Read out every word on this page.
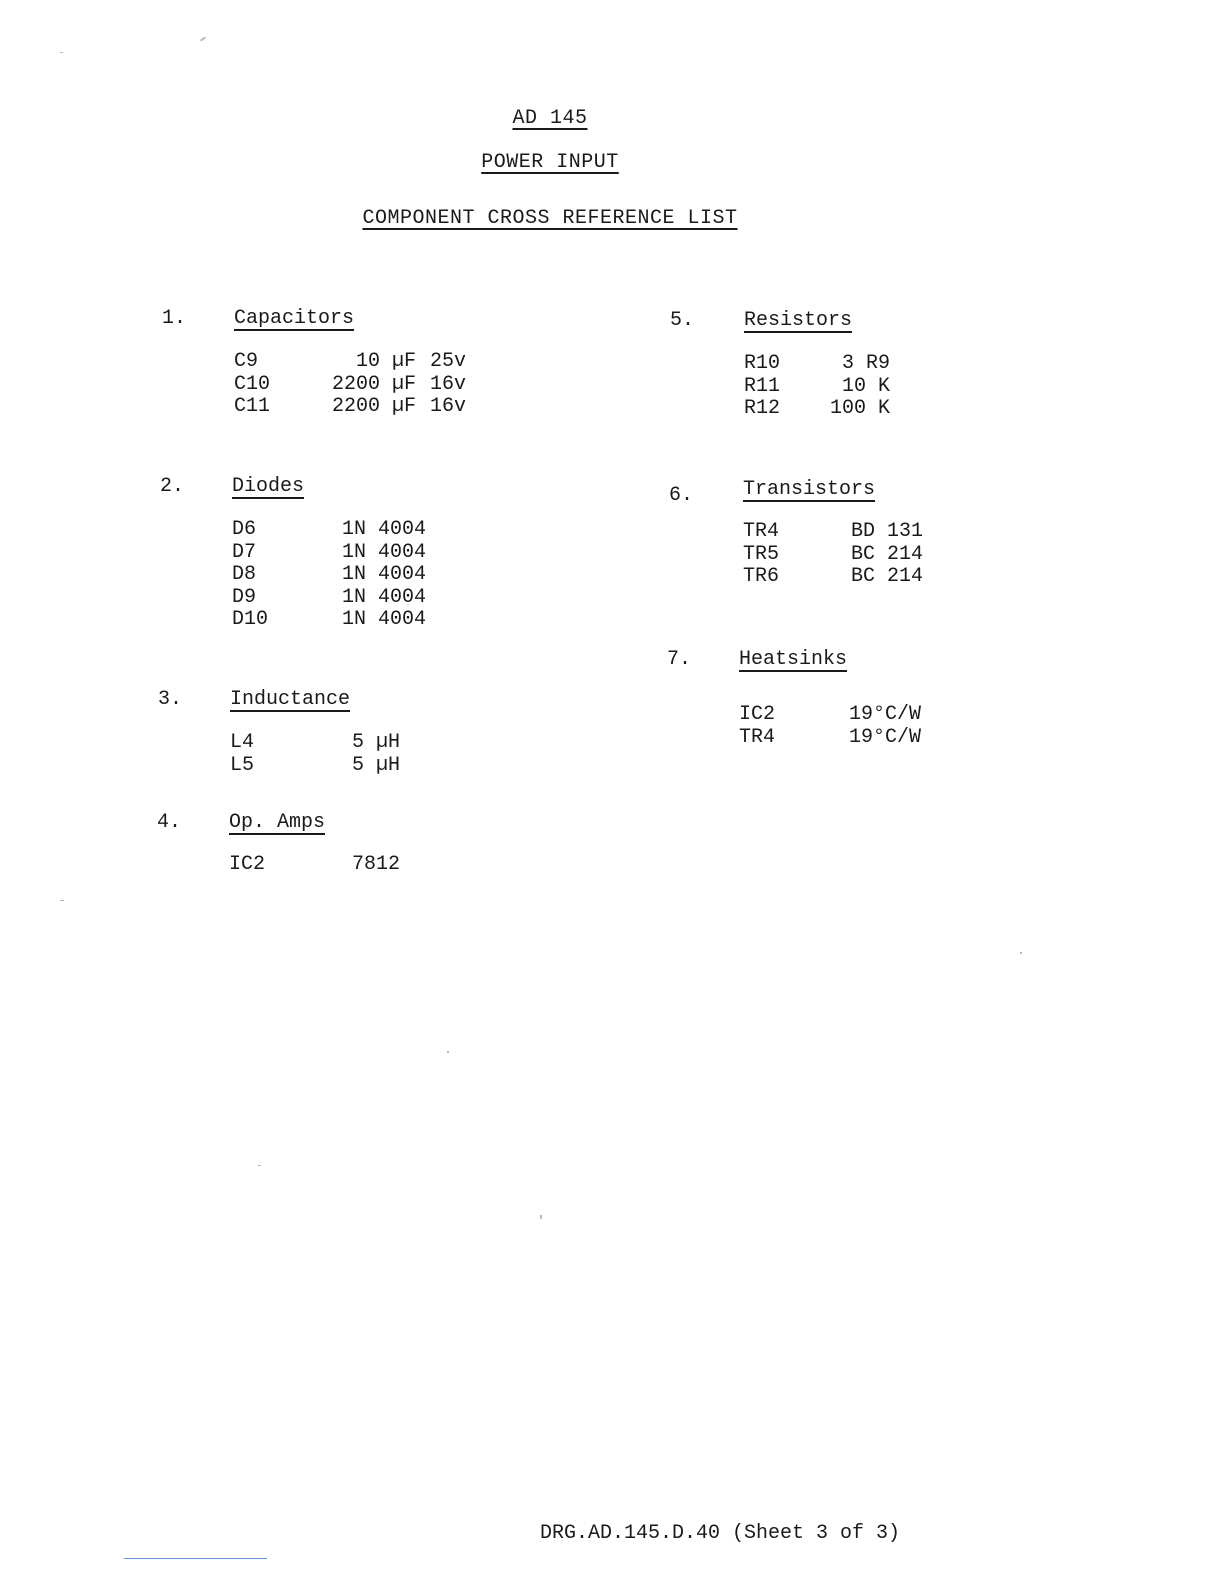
AD 145
POWER INPUT
COMPONENT CROSS REFERENCE LIST
1. Capacitors
C9	10 µF 25v
C10	2200 µF 16v
C11	2200 µF 16v
2. Diodes
D6	1N 4004
D7	1N 4004
D8	1N 4004
D9	1N 4004
D10	1N 4004
3. Inductance
L4	5 µH
L5	5 µH
4. Op. Amps
IC2	7812
5. Resistors
R10	3 R9
R11	10 K
R12	100 K
6. Transistors
TR4	BD 131
TR5	BC 214
TR6	BC 214
7. Heatsinks
IC2	19°C/W
TR4	19°C/W
DRG.AD.145.D.40 (Sheet 3 of 3)
